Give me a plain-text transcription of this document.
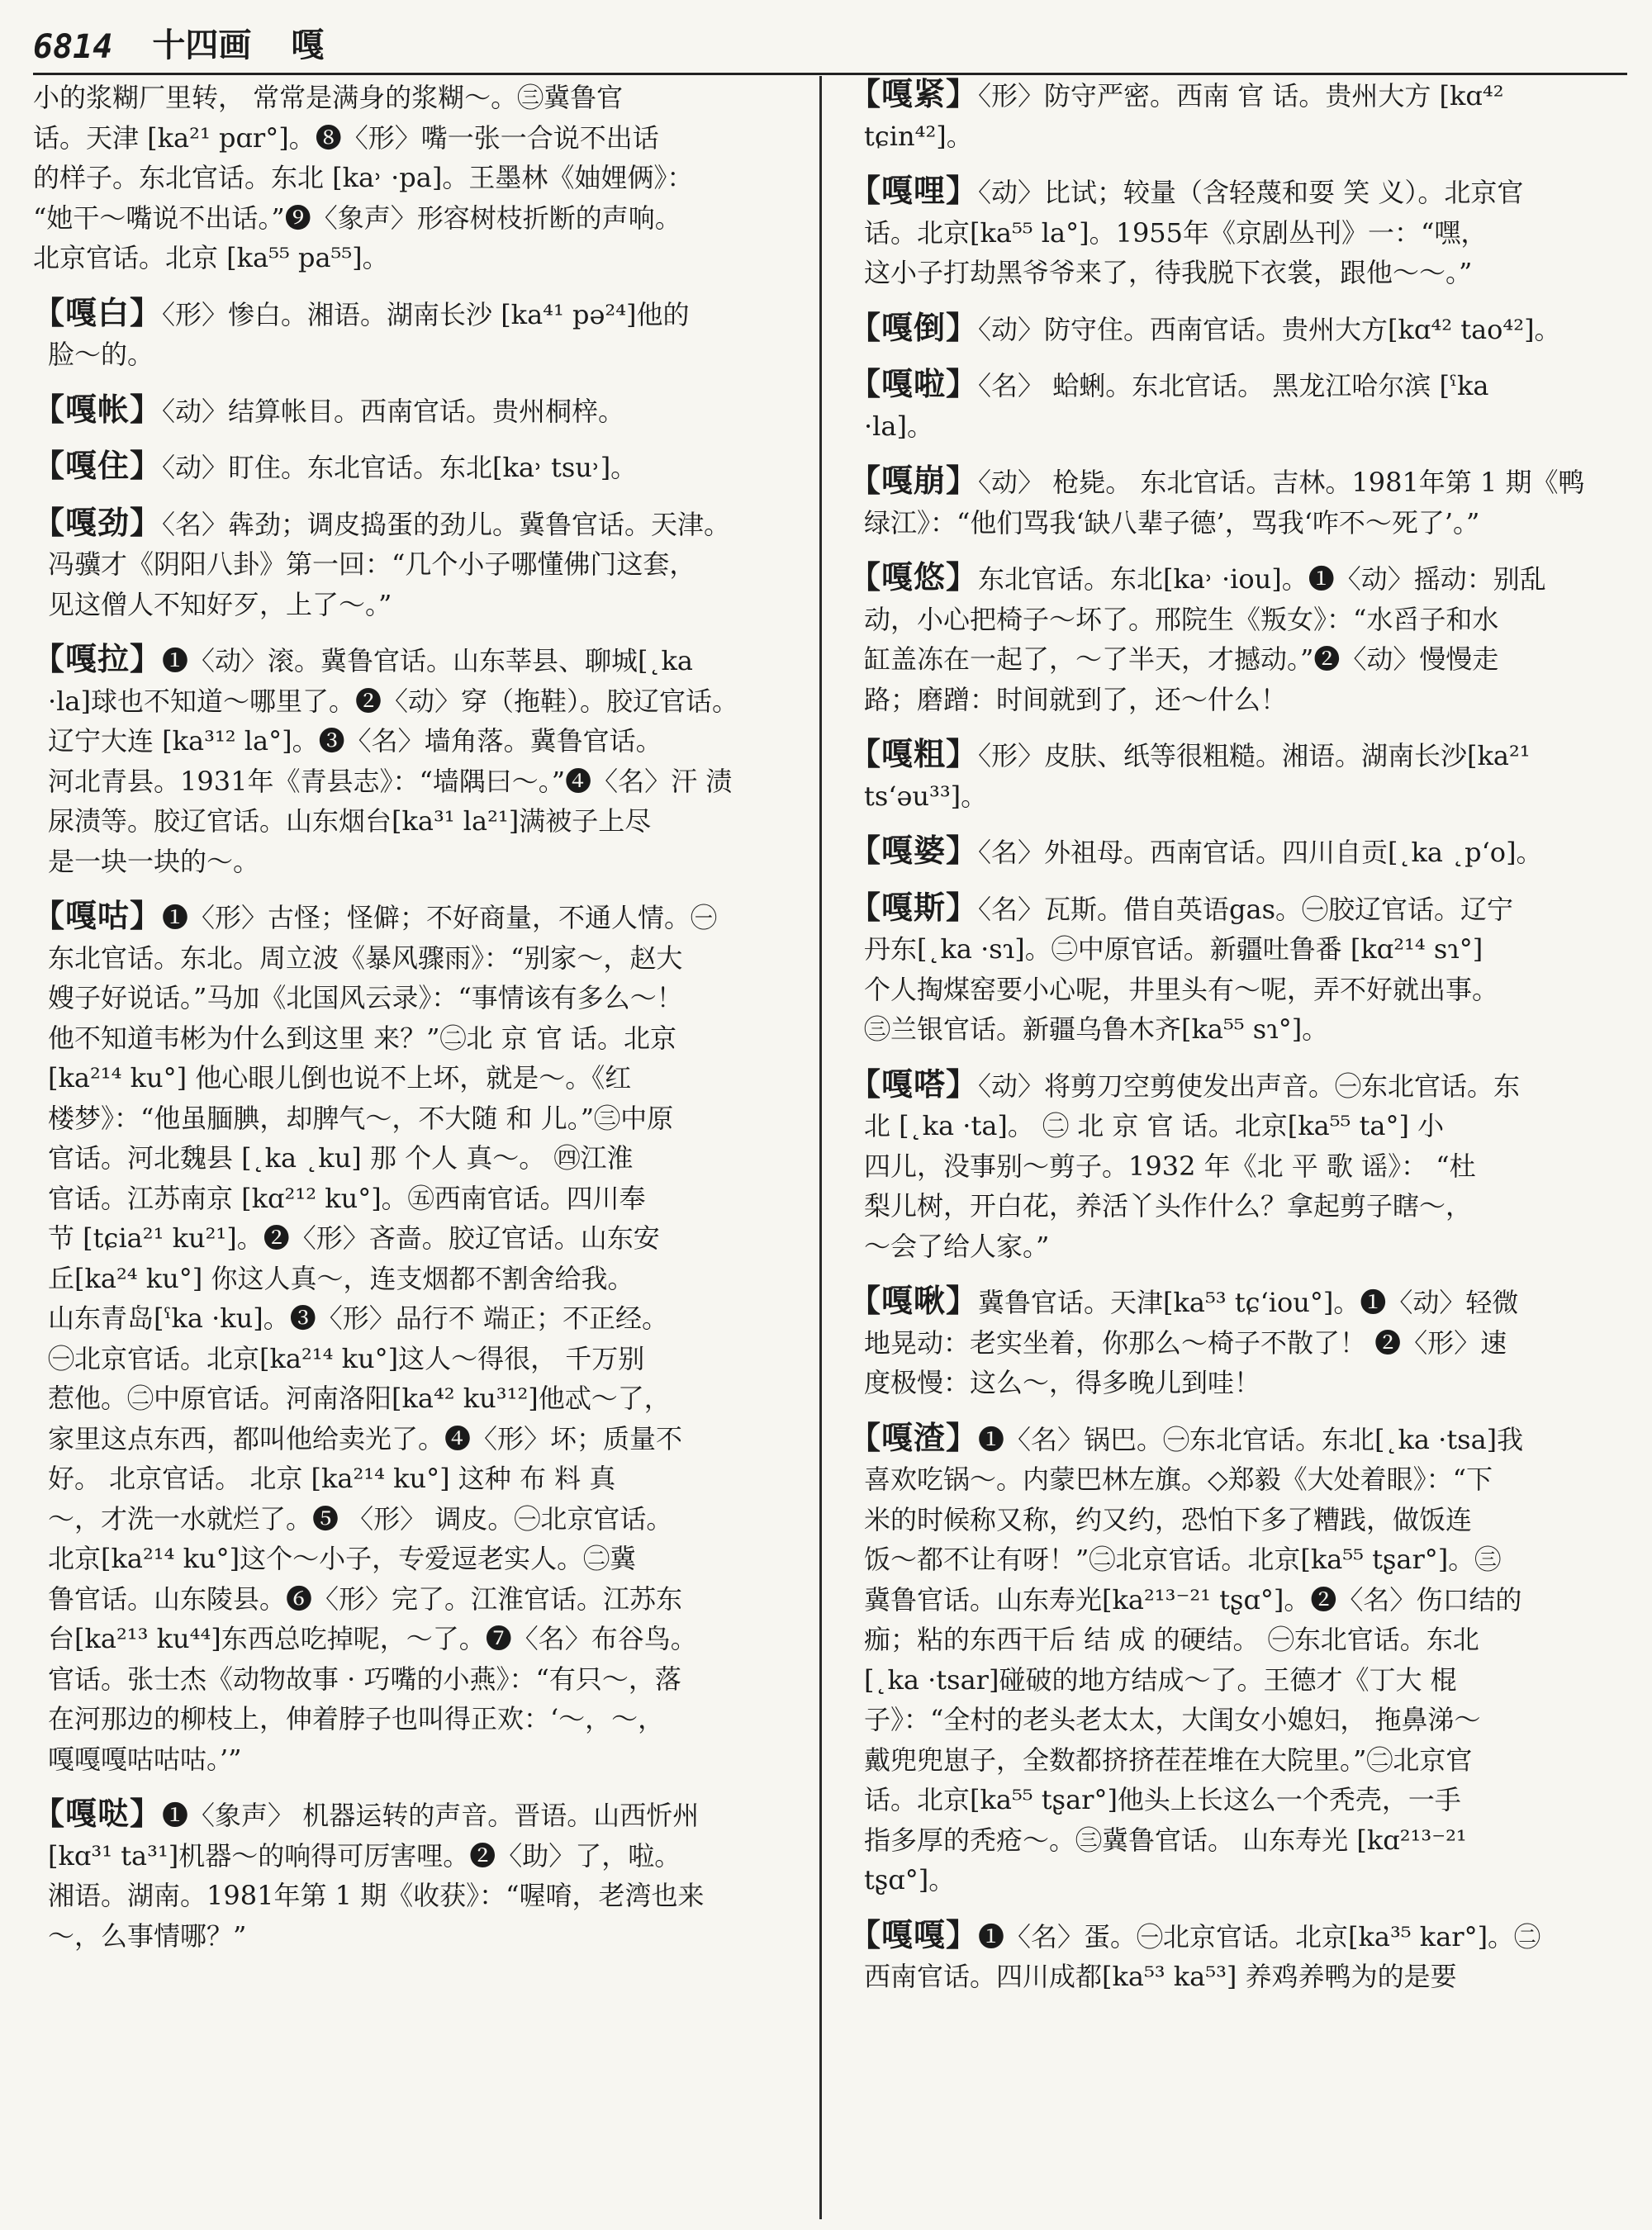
6814 十四画 嘎
小的浆糊厂里转， 常常是满身的浆糊～。㊂冀鲁官
话。天津 [ka²¹ pɑr°]。❽〈形〉嘴一张一合说不出话
的样子。东北官话。东北 [ka˒ ·pa]。王墨林《妯娌俩》：
“她干～嘴说不出话。”❾〈象声〉形容树枝折断的声响。
北京官话。北京 [ka⁵⁵ pa⁵⁵]。
【嘎白】〈形〉惨白。湘语。湖南长沙 [ka⁴¹ pə²⁴]他的
脸～的。
【嘎帐】〈动〉结算帐目。西南官话。贵州桐梓。
【嘎住】〈动〉盯住。东北官话。东北[ka˒ tsu˒]。
【嘎劲】〈名〉犇劲；调皮捣蛋的劲儿。冀鲁官话。天津。
冯骥才《阴阳八卦》第一回：“几个小子哪懂佛门这套，
见这僧人不知好歹，上了～。”
【嘎拉】❶〈动〉滚。冀鲁官话。山东莘县、聊城[˛ka
·la]球也不知道～哪里了。❷〈动〉穿（拖鞋）。胶辽官话。
辽宁大连 [ka³¹² la°]。❸〈名〉墙角落。冀鲁官话。
河北青县。1931年《青县志》：“墙隅曰～。”❹〈名〉汗 渍
尿渍等。胶辽官话。山东烟台[ka³¹ la²¹]满被子上尽
是一块一块的～。
【嘎咕】❶〈形〉古怪；怪僻；不好商量，不通人情。㊀
东北官话。东北。周立波《暴风骤雨》：“别家～，赵大
嫂子好说话。”马加《北国风云录》：“事情该有多么～！
他不知道韦彬为什么到这里 来？”㊁北 京 官 话。北京
[ka²¹⁴ ku°] 他心眼儿倒也说不上坏，就是～。《红
楼梦》：“他虽腼腆，却脾气～，不大随 和 儿。”㊂中原
官话。河北魏县 [˛ka ˛ku] 那 个人 真～。 ㊃江淮
官话。江苏南京 [kɑ²¹² ku°]。㊄西南官话。四川奉
节 [tɕia²¹ ku²¹]。❷〈形〉吝啬。胶辽官话。山东安
丘[ka²⁴ ku°] 你这人真～，连支烟都不割舍给我。
山东青岛[ˁka ·ku]。❸〈形〉品行不 端正；不正经。
㊀北京官话。北京[ka²¹⁴ ku°]这人～得很， 千万别
惹他。㊁中原官话。河南洛阳[ka⁴² ku³¹²]他忒～了，
家里这点东西，都叫他给卖光了。❹〈形〉坏；质量不
好。 北京官话。 北京 [ka²¹⁴ ku°] 这种 布 料 真
～，才洗一水就烂了。❺ 〈形〉 调皮。㊀北京官话。
北京[ka²¹⁴ ku°]这个～小子，专爱逗老实人。㊁冀
鲁官话。山东陵县。❻〈形〉完了。江淮官话。江苏东
台[ka²¹³ ku⁴⁴]东西总吃掉呢，～了。❼〈名〉布谷鸟。
官话。张士杰《动物故事 · 巧嘴的小燕》：“有只～，落
在河那边的柳枝上，伸着脖子也叫得正欢：‘～，～，
嘎嘎嘎咕咕咕。’”
【嘎哒】❶〈象声〉 机器运转的声音。晋语。山西忻州
[kɑ³¹ ta³¹]机器～的响得可厉害哩。❷〈助〉了，啦。
湘语。湖南。1981年第 1 期《收获》：“喔唷，老湾也来
～，么事情哪？”
【嘎紧】〈形〉防守严密。西南 官 话。贵州大方 [kɑ⁴²
tɕin⁴²]。
【嘎哩】〈动〉比试；较量（含轻蔑和耍 笑 义）。北京官
话。北京[ka⁵⁵ la°]。1955年《京剧丛刊》一：“嘿，
这小子打劫黑爷爷来了，待我脱下衣裳，跟他～～。”
【嘎倒】〈动〉防守住。西南官话。贵州大方[kɑ⁴² tao⁴²]。
【嘎啦】〈名〉 蛤蜊。东北官话。 黑龙江哈尔滨 [ˁka
·la]。
【嘎崩】〈动〉 枪毙。 东北官话。吉林。1981年第 1 期《鸭
绿江》：“他们骂我‘缺八辈子德’，骂我‘咋不～死了’。”
【嘎悠】东北官话。东北[ka˒ ·iou]。❶〈动〉摇动：别乱
动，小心把椅子～坏了。邢院生《叛女》：“水舀子和水
缸盖冻在一起了，～了半天，才撼动。”❷〈动〉慢慢走
路；磨蹭：时间就到了，还～什么！
【嘎粗】〈形〉皮肤、纸等很粗糙。湘语。湖南长沙[ka²¹
ts‘əu³³]。
【嘎婆】〈名〉外祖母。西南官话。四川自贡[˛ka ˛p‘o]。
【嘎斯】〈名〉瓦斯。借自英语gas。㊀胶辽官话。辽宁
丹东[˛ka ·sɿ]。㊁中原官话。新疆吐鲁番 [kɑ²¹⁴ sɿ°]
个人掏煤窑要小心呢，井里头有～呢，弄不好就出事。
㊂兰银官话。新疆乌鲁木齐[ka⁵⁵ sɿ°]。
【嘎嗒】〈动〉将剪刀空剪使发出声音。㊀东北官话。东
北 [˛ka ·ta]。 ㊁ 北 京 官 话。北京[ka⁵⁵ ta°] 小
四儿，没事别～剪子。1932 年《北 平 歌 谣》： “杜
梨儿树，开白花，养活丫头作什么？拿起剪子瞎～，
～会了给人家。”
【嘎啾】冀鲁官话。天津[ka⁵³ tɕ‘iou°]。❶〈动〉轻微
地晃动：老实坐着，你那么～椅子不散了！ ❷〈形〉速
度极慢：这么～，得多晚儿到哇！
【嘎渣】❶〈名〉锅巴。㊀东北官话。东北[˛ka ·tsa]我
喜欢吃锅～。内蒙巴林左旗。◇郑毅《大处着眼》：“下
米的时候称又称，约又约，恐怕下多了糟践，做饭连
饭～都不让有呀！”㊁北京官话。北京[ka⁵⁵ tʂar°]。㊂
冀鲁官话。山东寿光[ka²¹³⁻²¹ tʂɑ°]。❷〈名〉伤口结的
痂；粘的东西干后 结 成 的硬结。 ㊀东北官话。东北
[˛ka ·tsar]碰破的地方结成～了。王德才《丁大 棍
子》：“全村的老头老太太，大闺女小媳妇， 拖鼻涕～
戴兜兜崽子，全数都挤挤茬茬堆在大院里。”㊁北京官
话。北京[ka⁵⁵ tʂar°]他头上长这么一个秃壳，一手
指多厚的秃疮～。㊂冀鲁官话。 山东寿光 [kɑ²¹³⁻²¹
tʂɑ°]。
【嘎嘎】❶〈名〉蛋。㊀北京官话。北京[ka³⁵ kar°]。㊁
西南官话。四川成都[ka⁵³ ka⁵³] 养鸡养鸭为的是要
